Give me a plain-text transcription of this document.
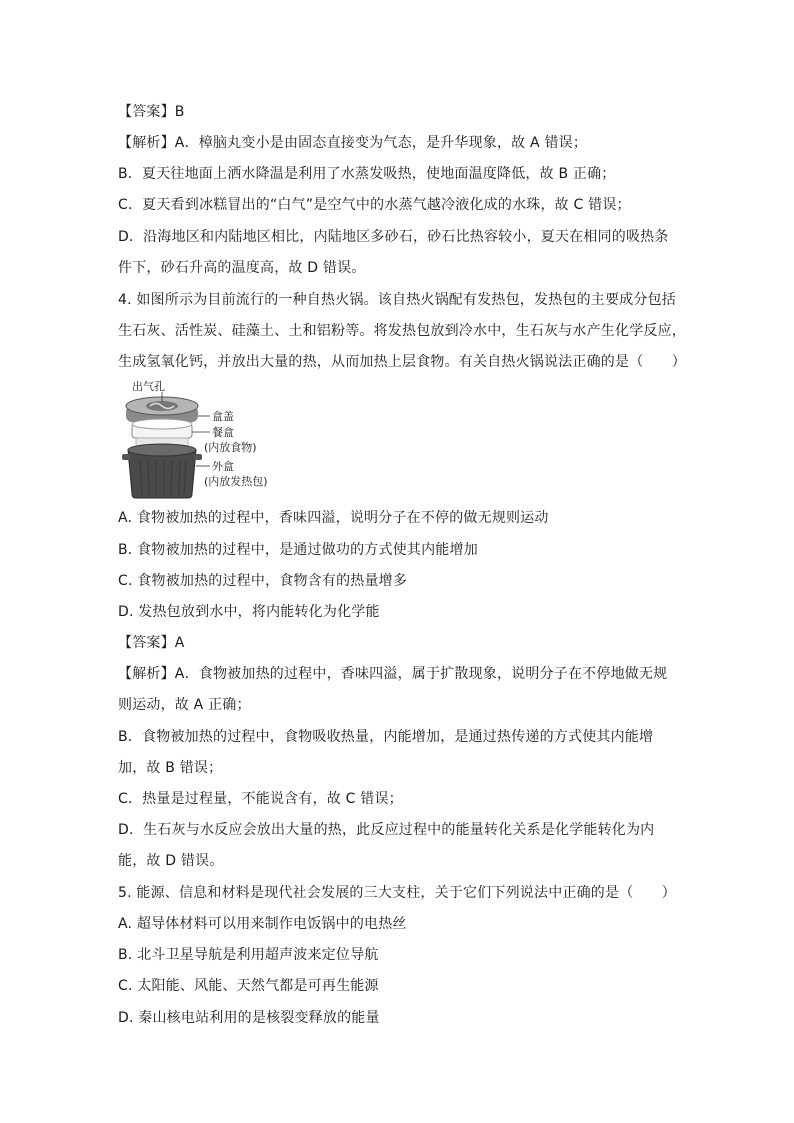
【答案】B
【解析】A．樟脑丸变小是由固态直接变为气态，是升华现象，故 A 错误；
B．夏天往地面上洒水降温是利用了水蒸发吸热，使地面温度降低，故 B 正确；
C．夏天看到冰糕冒出的“白气”是空气中的水蒸气越冷液化成的水珠，故 C 错误；
D．沿海地区和内陆地区相比，内陆地区多砂石，砂石比热容较小，夏天在相同的吸热条
件下，砂石升高的温度高，故 D 错误。
4. 如图所示为目前流行的一种自热火锅。该自热火锅配有发热包，发热包的主要成分包括
生石灰、活性炭、硅藻土、土和铝粉等。将发热包放到冷水中，生石灰与水产生化学反应，
生成氢氧化钙，并放出大量的热，从而加热上层食物。有关自热火锅说法正确的是（　　）
出气孔
盒盖
餐盒
(内放食物)
外盒
(内放发热包)
A. 食物被加热的过程中，香味四溢，说明分子在不停的做无规则运动
B. 食物被加热的过程中，是通过做功的方式使其内能增加
C. 食物被加热的过程中，食物含有的热量增多
D. 发热包放到水中，将内能转化为化学能
【答案】A
【解析】A．食物被加热的过程中，香味四溢，属于扩散现象，说明分子在不停地做无规
则运动，故 A 正确；
B．食物被加热的过程中，食物吸收热量，内能增加，是通过热传递的方式使其内能增
加，故 B 错误；
C．热量是过程量，不能说含有，故 C 错误；
D．生石灰与水反应会放出大量的热，此反应过程中的能量转化关系是化学能转化为内
能，故 D 错误。
5. 能源、信息和材料是现代社会发展的三大支柱，关于它们下列说法中正确的是（　　）
A. 超导体材料可以用来制作电饭锅中的电热丝
B. 北斗卫星导航是利用超声波来定位导航
C. 太阳能、风能、天然气都是可再生能源
D. 秦山核电站利用的是核裂变释放的能量
